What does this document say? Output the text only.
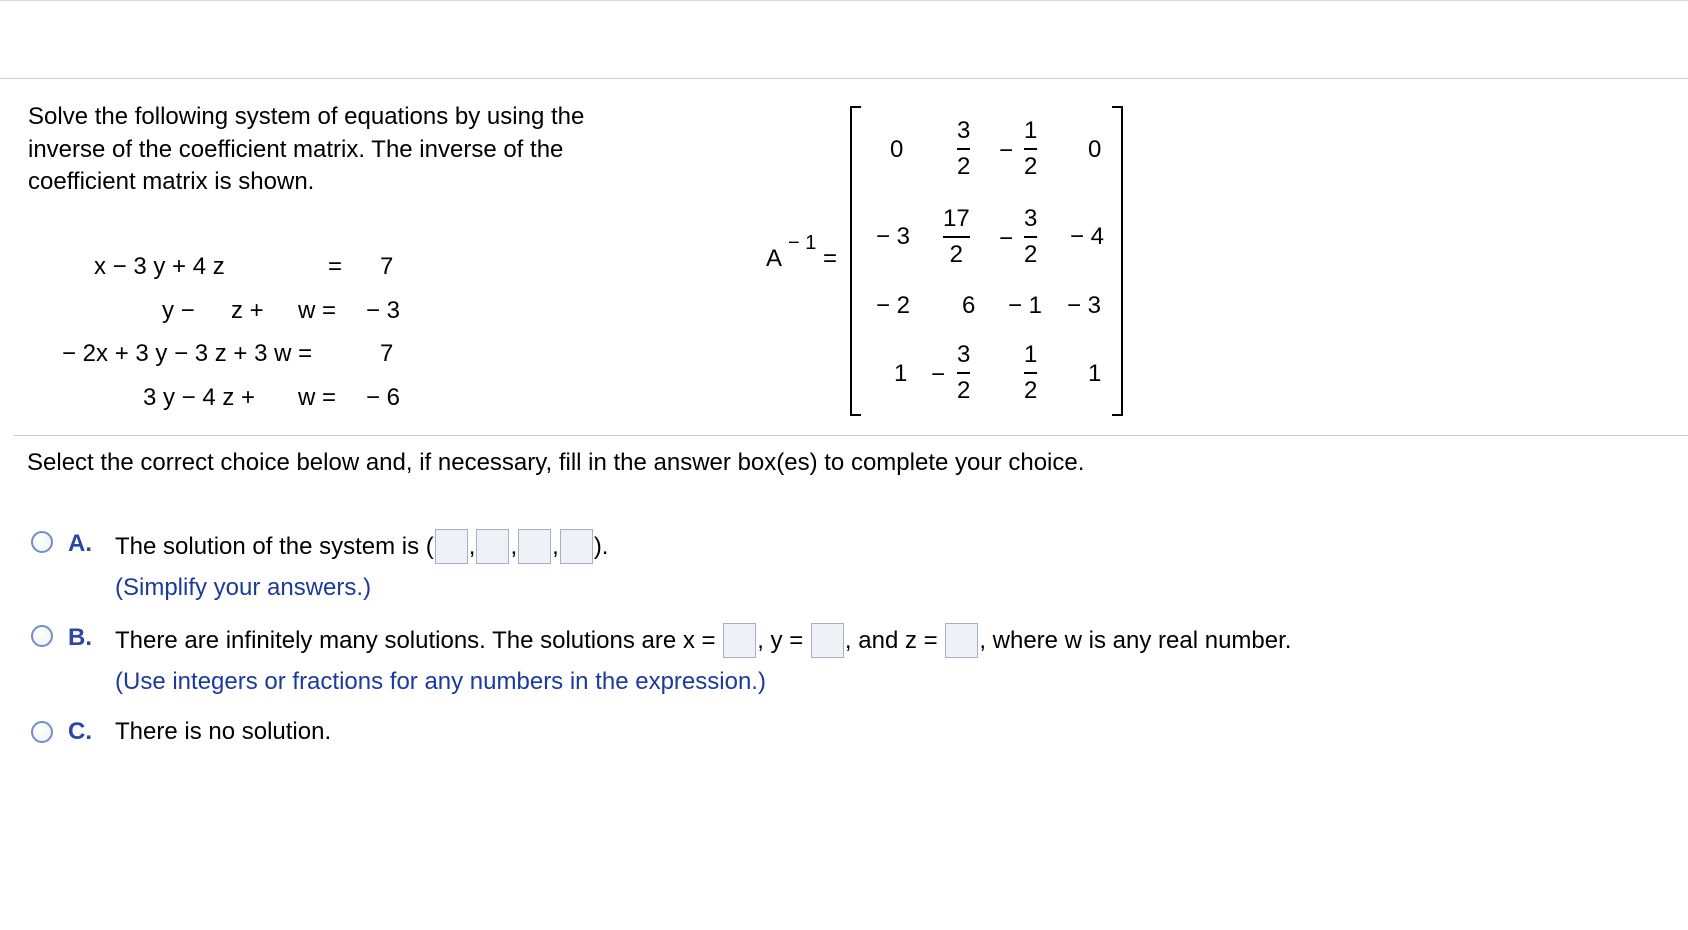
Solve the following system of equations by using the
inverse of the coefficient matrix. The inverse of the
coefficient matrix is shown.
x − 3 y + 4 z	= 7
y − z + w = − 3
− 2x + 3 y − 3 z + 3 w =	7
3 y − 4 z + w = − 6
A
− 1
=
0
3
2
−
1
2
0
− 3
17
2
−
3
2
− 4
− 2 6 − 1 − 3
1 −
3
2
1
2
1
Select the correct choice below and, if necessary, fill in the answer box(es) to complete your choice.
A. The solution of the system is ( , , , ).
(Simplify your answers.)
B. There are infinitely many solutions. The solutions are x = , y = , and z = , where w is any real number.
(Use integers or fractions for any numbers in the expression.)
C. There is no solution.
